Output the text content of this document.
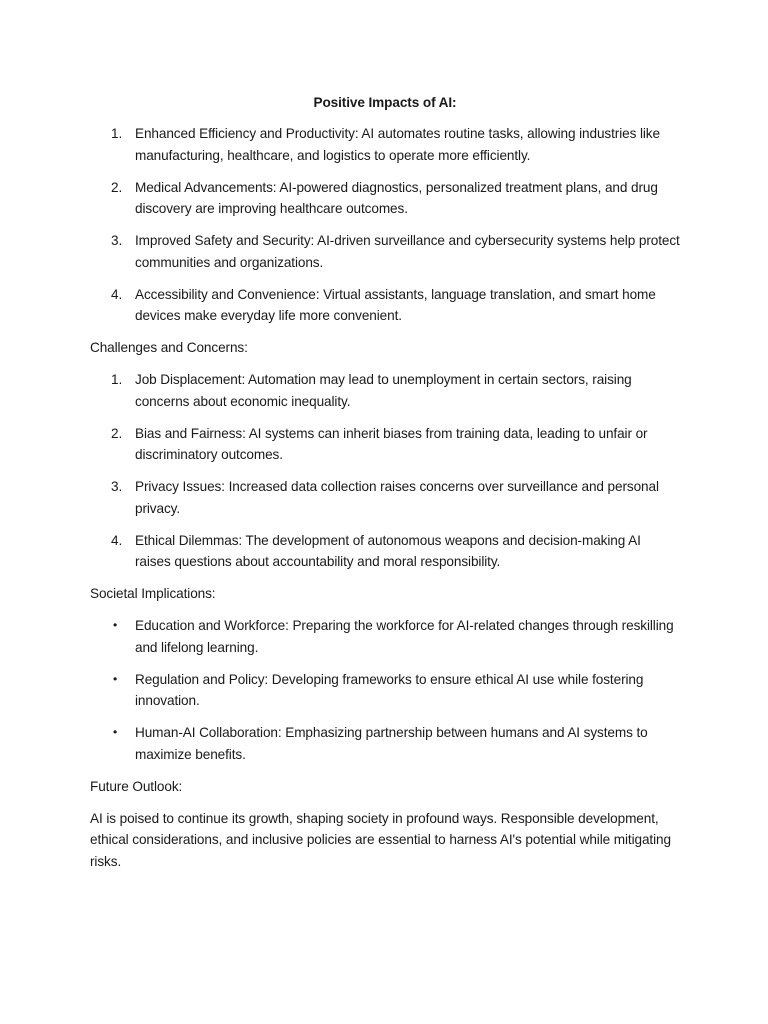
Positive Impacts of AI:
1. Enhanced Efficiency and Productivity: AI automates routine tasks, allowing industries like manufacturing, healthcare, and logistics to operate more efficiently.
2. Medical Advancements: AI-powered diagnostics, personalized treatment plans, and drug discovery are improving healthcare outcomes.
3. Improved Safety and Security: AI-driven surveillance and cybersecurity systems help protect communities and organizations.
4. Accessibility and Convenience: Virtual assistants, language translation, and smart home devices make everyday life more convenient.

Challenges and Concerns:

1. Job Displacement: Automation may lead to unemployment in certain sectors, raising concerns about economic inequality.
2. Bias and Fairness: AI systems can inherit biases from training data, leading to unfair or discriminatory outcomes.
3. Privacy Issues: Increased data collection raises concerns over surveillance and personal privacy.
4. Ethical Dilemmas: The development of autonomous weapons and decision-making AI raises questions about accountability and moral responsibility.

Societal Implications:

• Education and Workforce: Preparing the workforce for AI-related changes through reskilling and lifelong learning.
• Regulation and Policy: Developing frameworks to ensure ethical AI use while fostering innovation.
• Human-AI Collaboration: Emphasizing partnership between humans and AI systems to maximize benefits.

Future Outlook:

AI is poised to continue its growth, shaping society in profound ways. Responsible development, ethical considerations, and inclusive policies are essential to harness AI's potential while mitigating risks.
